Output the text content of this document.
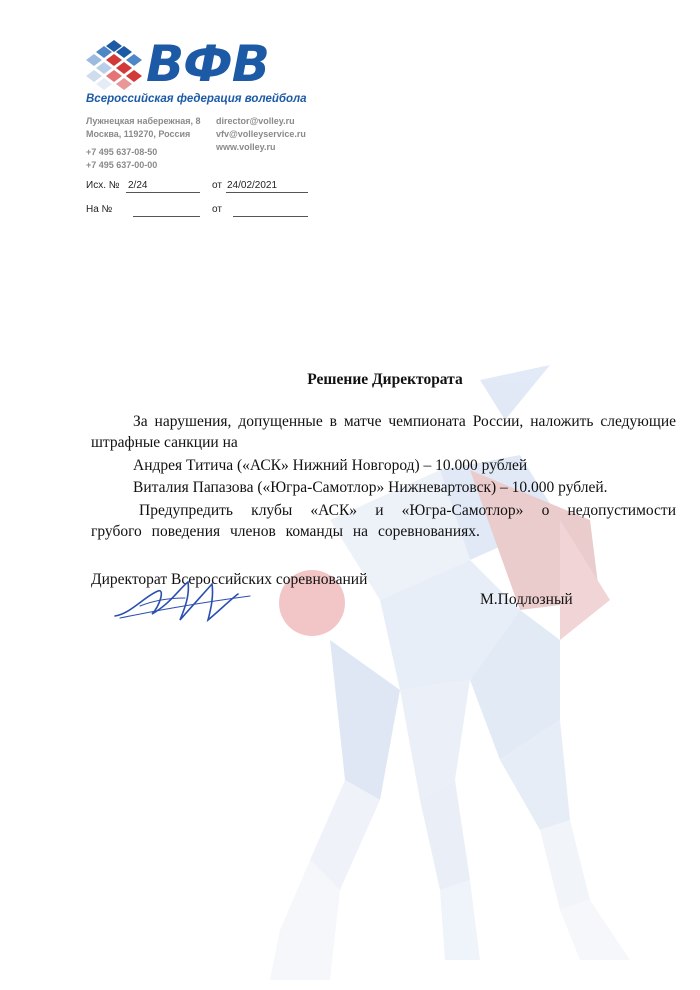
ВФВ
Всероссийская федерация волейбола
Лужнецкая набережная, 8
Москва, 119270, Россия
+7 495 637-08-50
+7 495 637-00-00
director@volley.ru
vfv@volleyservice.ru
www.volley.ru
Исх. № 2/24	от 24/02/2021
На №	от
Решение Директората
За нарушения, допущенные в матче чемпионата России, наложить следующие штрафные санкции на
Андрея Титича («АСК» Нижний Новгород) – 10.000 рублей
Виталия Папазова («Югра-Самотлор» Нижневартовск) – 10.000 рублей.
Предупредить клубы «АСК» и «Югра-Самотлор» о недопустимости грубого поведения членов команды на соревнованиях.
Директорат Всероссийских соревнований
М.Подлозный
